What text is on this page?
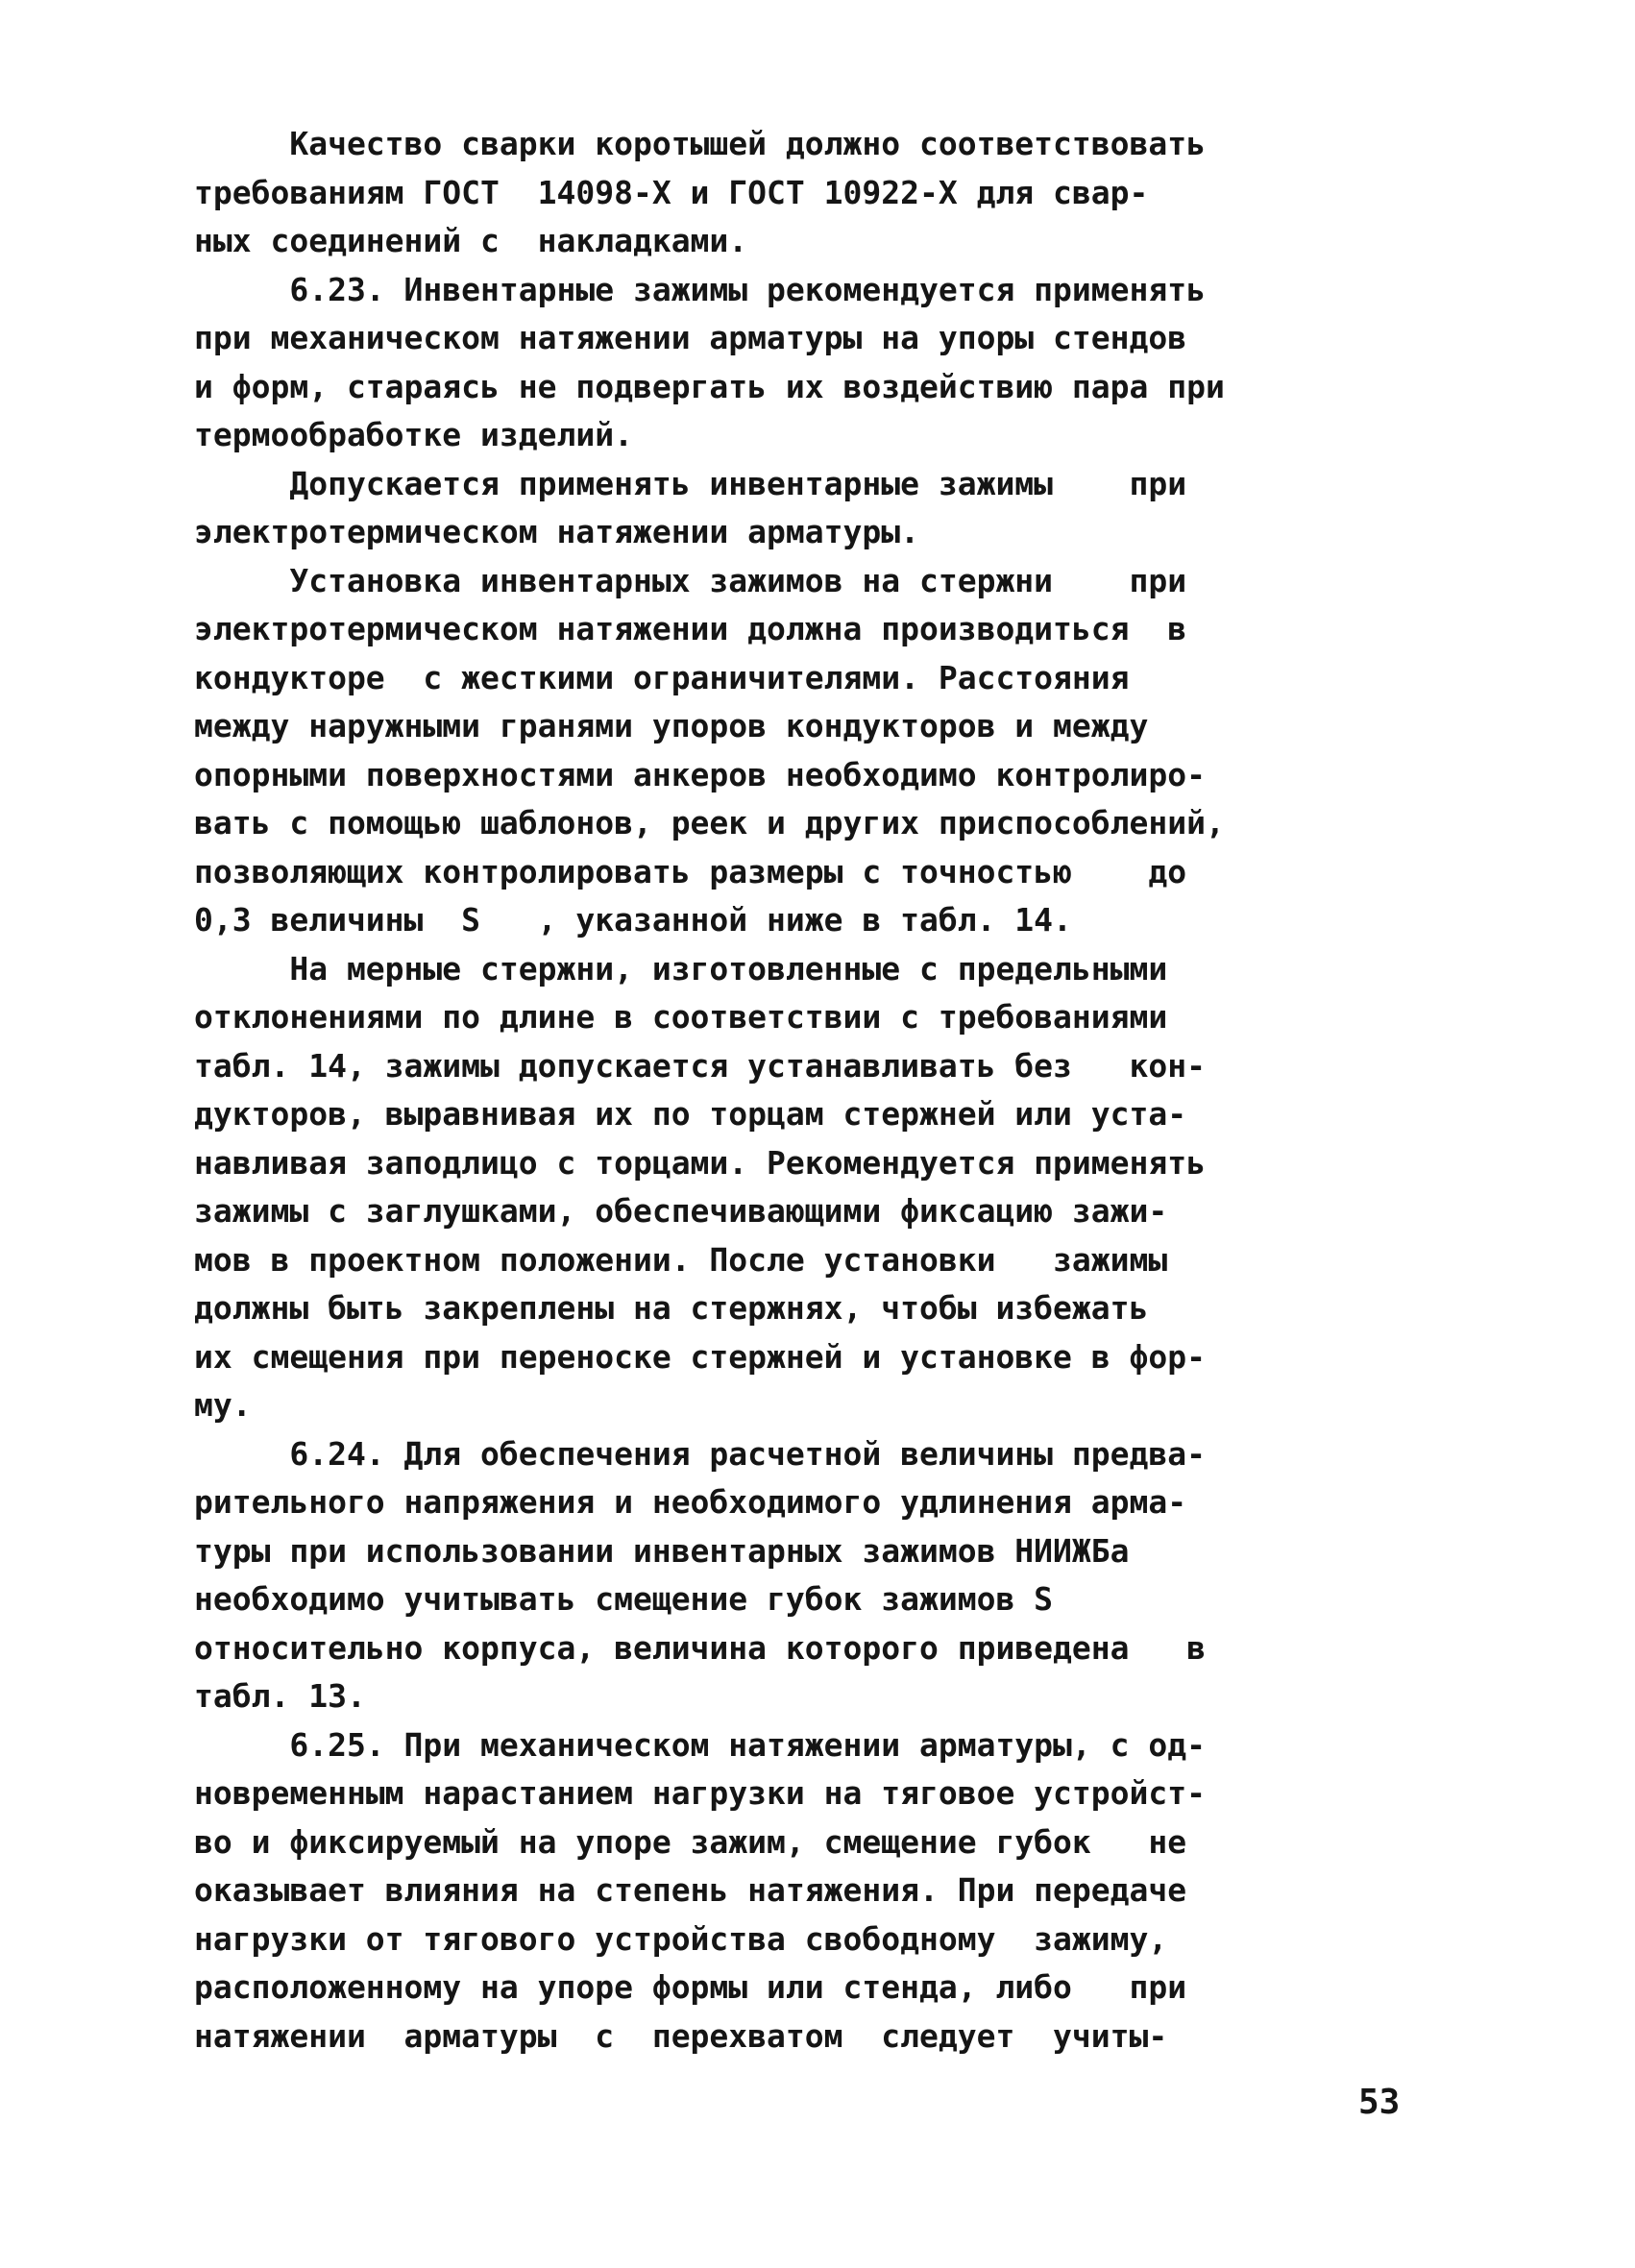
Качество сварки коротышей должно соответствовать
требованиям ГОСТ  14098-X и ГОСТ 10922-X для свар-
ных соединений с  накладками.
6.23. Инвентарные зажимы рекомендуется применять
при механическом натяжении арматуры на упоры стендов
и форм, стараясь не подвергать их воздействию пара при
термообработке изделий.
Допускается применять инвентарные зажимы    при
электротермическом натяжении арматуры.
Установка инвентарных зажимов на стержни    при
электротермическом натяжении должна производиться  в
кондукторе  с жесткими ограничителями. Расстояния
между наружными гранями упоров кондукторов и между
опорными поверхностями анкеров необходимо контролиро-
вать с помощью шаблонов, реек и других приспособлений,
позволяющих контролировать размеры с точностью    до
0,3 величины  S   , указанной ниже в табл. 14.
На мерные стержни, изготовленные с предельными
отклонениями по длине в соответствии с требованиями
табл. 14, зажимы допускается устанавливать без   кон-
дукторов, выравнивая их по торцам стержней или уста-
навливая заподлицо с торцами. Рекомендуется применять
зажимы с заглушками, обеспечивающими фиксацию зажи-
мов в проектном положении. После установки   зажимы
должны быть закреплены на стержнях, чтобы избежать
их смещения при переноске стержней и установке в фор-
му.
6.24. Для обеспечения расчетной величины предва-
рительного напряжения и необходимого удлинения арма-
туры при использовании инвентарных зажимов НИИЖБа
необходимо учитывать смещение губок зажимов S
относительно корпуса, величина которого приведена   в
табл. 13.
6.25. При механическом натяжении арматуры, с од-
новременным нарастанием нагрузки на тяговое устройст-
во и фиксируемый на упоре зажим, смещение губок   не
оказывает влияния на степень натяжения. При передаче
нагрузки от тягового устройства свободному  зажиму,
расположенному на упоре формы или стенда, либо   при
натяжении  арматуры  с  перехватом  следует  учиты-
53
